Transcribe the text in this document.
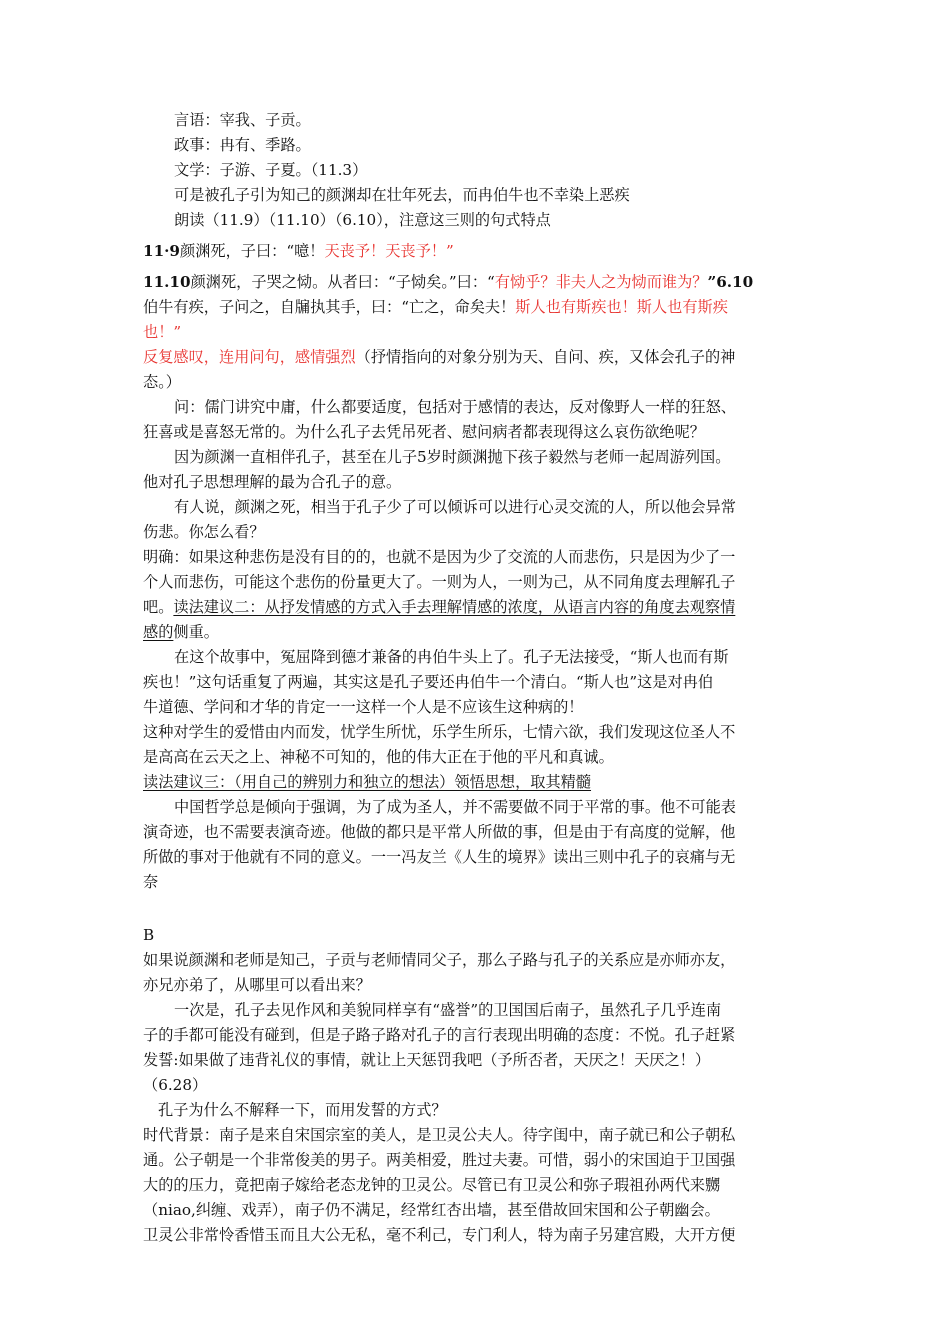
言语：宰我、子贡。
政事：冉有、季路。
文学：子游、子夏。（11.3）
可是被孔子引为知己的颜渊却在壮年死去，而冉伯牛也不幸染上恶疾
朗读（11.9）（11.10）（6.10），注意这三则的句式特点
11·9颜渊死，子曰：“噫！天丧予！天丧予！”
11.10颜渊死，子哭之恸。从者曰：“子恸矣。”曰：“有恸乎？非夫人之为恸而谁为？”6.10
伯牛有疾，子问之，自牖执其手，曰：“亡之，命矣夫！斯人也有斯疾也！斯人也有斯疾
也！”
反复感叹，连用问句，感情强烈（抒情指向的对象分别为天、自问、疾，又体会孔子的神
态。）
问：儒门讲究中庸，什么都要适度，包括对于感情的表达，反对像野人一样的狂怒、
狂喜或是喜怒无常的。为什么孔子去凭吊死者、慰问病者都表现得这么哀伤欲绝呢？
因为颜渊一直相伴孔子，甚至在儿子5岁时颜渊抛下孩子毅然与老师一起周游列国。
他对孔子思想理解的最为合孔子的意。
有人说，颜渊之死，相当于孔子少了可以倾诉可以进行心灵交流的人，所以他会异常
伤悲。你怎么看？
明确：如果这种悲伤是没有目的的，也就不是因为少了交流的人而悲伤，只是因为少了一
个人而悲伤，可能这个悲伤的份量更大了。一则为人，一则为己，从不同角度去理解孔子
吧。读法建议二：从抒发情感的方式入手去理解情感的浓度，从语言内容的角度去观察情
感的侧重。
在这个故事中，冤屈降到德才兼备的冉伯牛头上了。孔子无法接受，“斯人也而有斯
疾也！”这句话重复了两遍，其实这是孔子要还冉伯牛一个清白。“斯人也”这是对冉伯
牛道德、学问和才华的肯定一一这样一个人是不应该生这种病的！
这种对学生的爱惜由内而发，忧学生所忧，乐学生所乐，七情六欲，我们发现这位圣人不
是高高在云天之上、神秘不可知的，他的伟大正在于他的平凡和真诚。
读法建议三：（用自己的辨别力和独立的想法）领悟思想，取其精髓
中国哲学总是倾向于强调，为了成为圣人，并不需要做不同于平常的事。他不可能表
演奇迹，也不需要表演奇迹。他做的都只是平常人所做的事，但是由于有高度的觉解，他
所做的事对于他就有不同的意义。一一冯友兰《人生的境界》读出三则中孔子的哀痛与无
奈
B
如果说颜渊和老师是知己，子贡与老师情同父子，那么子路与孔子的关系应是亦师亦友，
亦兄亦弟了，从哪里可以看出来？
一次是，孔子去见作风和美貌同样享有“盛誉”的卫国国后南子，虽然孔子几乎连南
子的手都可能没有碰到，但是子路子路对孔子的言行表现出明确的态度：不悦。孔子赶紧
发誓:如果做了违背礼仪的事情，就让上天惩罚我吧（予所否者，天厌之！天厌之！）
（6.28）
孔子为什么不解释一下，而用发誓的方式？
时代背景：南子是来自宋国宗室的美人，是卫灵公夫人。待字闺中，南子就已和公子朝私
通。公子朝是一个非常俊美的男子。两美相爱，胜过夫妻。可惜，弱小的宋国迫于卫国强
大的的压力，竟把南子嫁给老态龙钟的卫灵公。尽管已有卫灵公和弥子瑕祖孙两代来嬲
（niao,纠缠、戏弄），南子仍不满足，经常红杏出墙，甚至借故回宋国和公子朝幽会。
卫灵公非常怜香惜玉而且大公无私，毫不利己，专门利人，特为南子另建宫殿，大开方便
